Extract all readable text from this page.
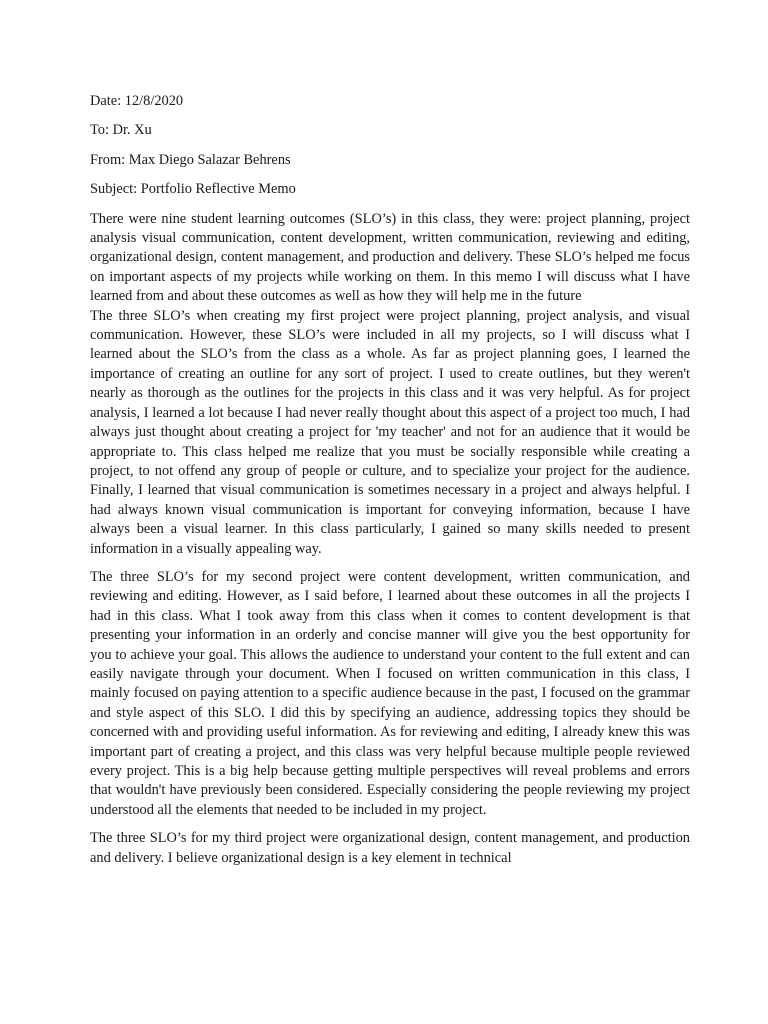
Date: 12/8/2020
To: Dr. Xu
From: Max Diego Salazar Behrens
Subject: Portfolio Reflective Memo

There were nine student learning outcomes (SLO’s) in this class, they were: project planning, project analysis visual communication, content development, written communication, reviewing and editing, organizational design, content management, and production and delivery. These SLO’s helped me focus on important aspects of my projects while working on them. In this memo I will discuss what I have learned from and about these outcomes as well as how they will help me in the future

The three SLO’s when creating my first project were project planning, project analysis, and visual communication. However, these SLO’s were included in all my projects, so I will discuss what I learned about the SLO’s from the class as a whole. As far as project planning goes, I learned the importance of creating an outline for any sort of project. I used to create outlines, but they weren't nearly as thorough as the outlines for the projects in this class and it was very helpful. As for project analysis, I learned a lot because I had never really thought about this aspect of a project too much, I had always just thought about creating a project for 'my teacher' and not for an audience that it would be appropriate to. This class helped me realize that you must be socially responsible while creating a project, to not offend any group of people or culture, and to specialize your project for the audience. Finally, I learned that visual communication is sometimes necessary in a project and always helpful. I had always known visual communication is important for conveying information, because I have always been a visual learner. In this class particularly, I gained so many skills needed to present information in a visually appealing way.

The three SLO’s for my second project were content development, written communication, and reviewing and editing. However, as I said before, I learned about these outcomes in all the projects I had in this class. What I took away from this class when it comes to content development is that presenting your information in an orderly and concise manner will give you the best opportunity for you to achieve your goal. This allows the audience to understand your content to the full extent and can easily navigate through your document. When I focused on written communication in this class, I mainly focused on paying attention to a specific audience because in the past, I focused on the grammar and style aspect of this SLO. I did this by specifying an audience, addressing topics they should be concerned with and providing useful information. As for reviewing and editing, I already knew this was important part of creating a project, and this class was very helpful because multiple people reviewed every project. This is a big help because getting multiple perspectives will reveal problems and errors that wouldn't have previously been considered. Especially considering the people reviewing my project understood all the elements that needed to be included in my project.

The three SLO’s for my third project were organizational design, content management, and production and delivery. I believe organizational design is a key element in technical
